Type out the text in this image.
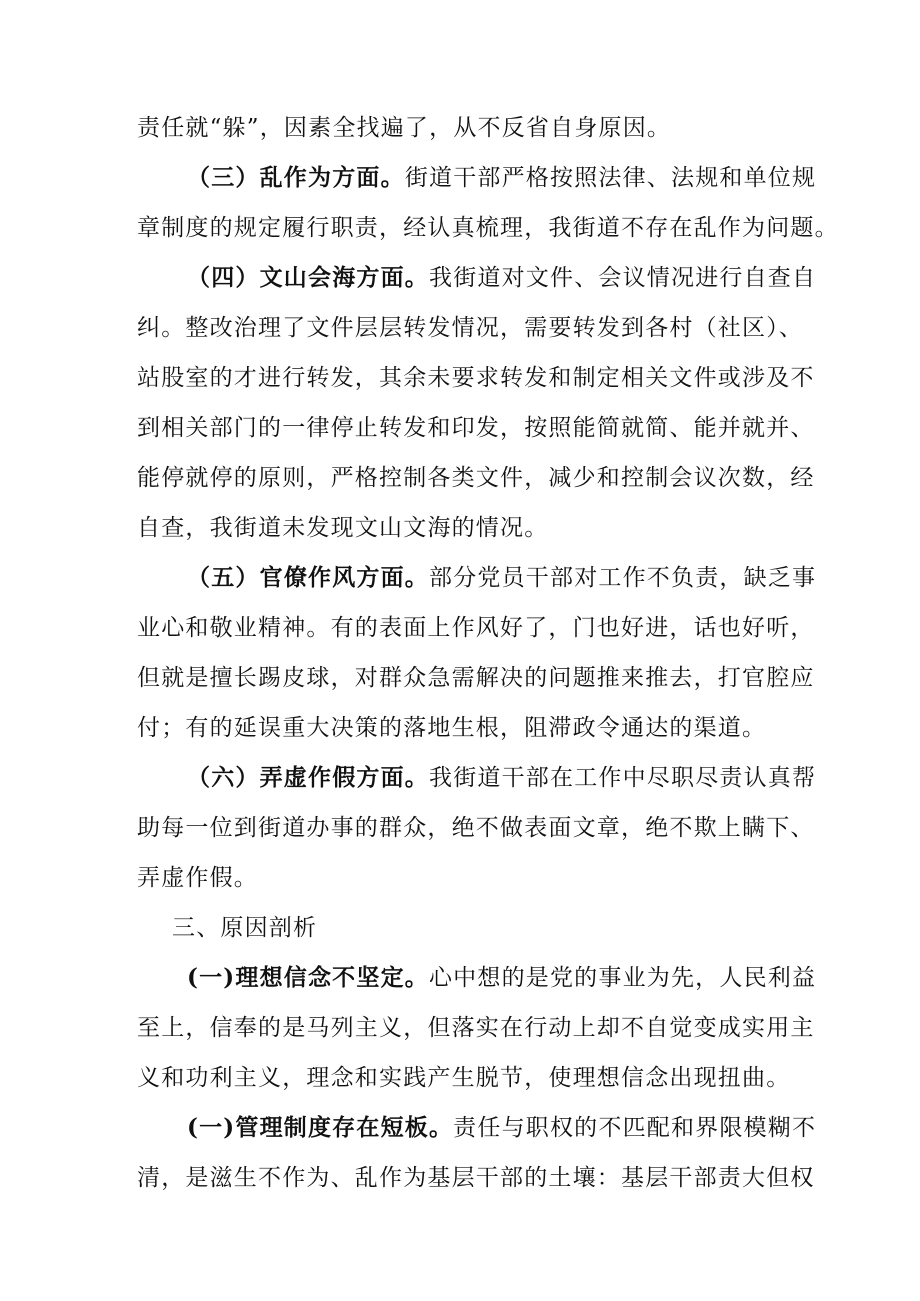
责任就“躲”，因素全找遍了，从不反省自身原因。
（三）乱作为方面。街道干部严格按照法律、法规和单位规
章制度的规定履行职责，经认真梳理，我街道不存在乱作为问题。
（四）文山会海方面。我街道对文件、会议情况进行自查自
纠。整改治理了文件层层转发情况，需要转发到各村（社区）、
站股室的才进行转发，其余未要求转发和制定相关文件或涉及不
到相关部门的一律停止转发和印发，按照能简就简、能并就并、
能停就停的原则，严格控制各类文件，减少和控制会议次数，经
自查，我街道未发现文山文海的情况。
（五）官僚作风方面。部分党员干部对工作不负责，缺乏事
业心和敬业精神。有的表面上作风好了，门也好进，话也好听，
但就是擅长踢皮球，对群众急需解决的问题推来推去，打官腔应
付；有的延误重大决策的落地生根，阻滞政令通达的渠道。
（六）弄虚作假方面。我街道干部在工作中尽职尽责认真帮
助每一位到街道办事的群众，绝不做表面文章，绝不欺上瞒下、
弄虚作假。
三、原因剖析
(一)理想信念不坚定。心中想的是党的事业为先，人民利益
至上，信奉的是马列主义，但落实在行动上却不自觉变成实用主
义和功利主义，理念和实践产生脱节，使理想信念出现扭曲。
(一)管理制度存在短板。责任与职权的不匹配和界限模糊不
清，是滋生不作为、乱作为基层干部的土壤：基层干部责大但权
